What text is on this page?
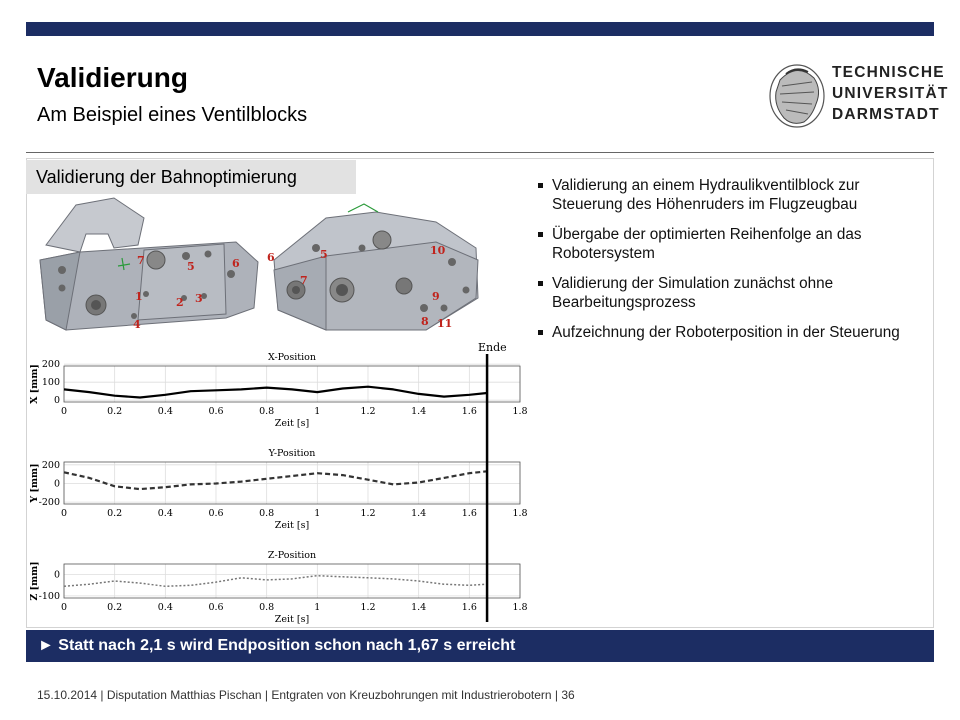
Validierung
Am Beispiel eines Ventilblocks
TECHNISCHE
UNIVERSITÄT
DARMSTADT
7	5	6
1	2 3
4
6	5
7
10
9
8 11
X-Position
0	0.2	0.4	0.6	0.8	1	1.2	1.4	1.6	1.8
0
100
200
Zeit [s]
X [mm]
Y-Position
0	0.2	0.4	0.6	0.8	1	1.2	1.4	1.6	1.8
-200
0
200
Zeit [s]
Y [mm]
Z-Position
0	0.2	0.4	0.6	0.8	1	1.2	1.4	1.6	1.8
-100
0
Zeit [s]
Z [mm]
Ende
Validierung der Bahnoptimierung	Validierung an einem Hydraulikventilblock zur Steuerung des Höhenruders im Flugzeugbau
Übergabe der optimierten Reihenfolge an das Robotersystem
Validierung der Simulation zunächst ohne Bearbeitungsprozess
Aufzeichnung der Roboterposition in der Steuerung
► Statt nach 2,1 s wird Endposition schon nach 1,67 s erreicht
15.10.2014 | Disputation Matthias Pischan | Entgraten von Kreuzbohrungen mit Industrierobotern | 36
